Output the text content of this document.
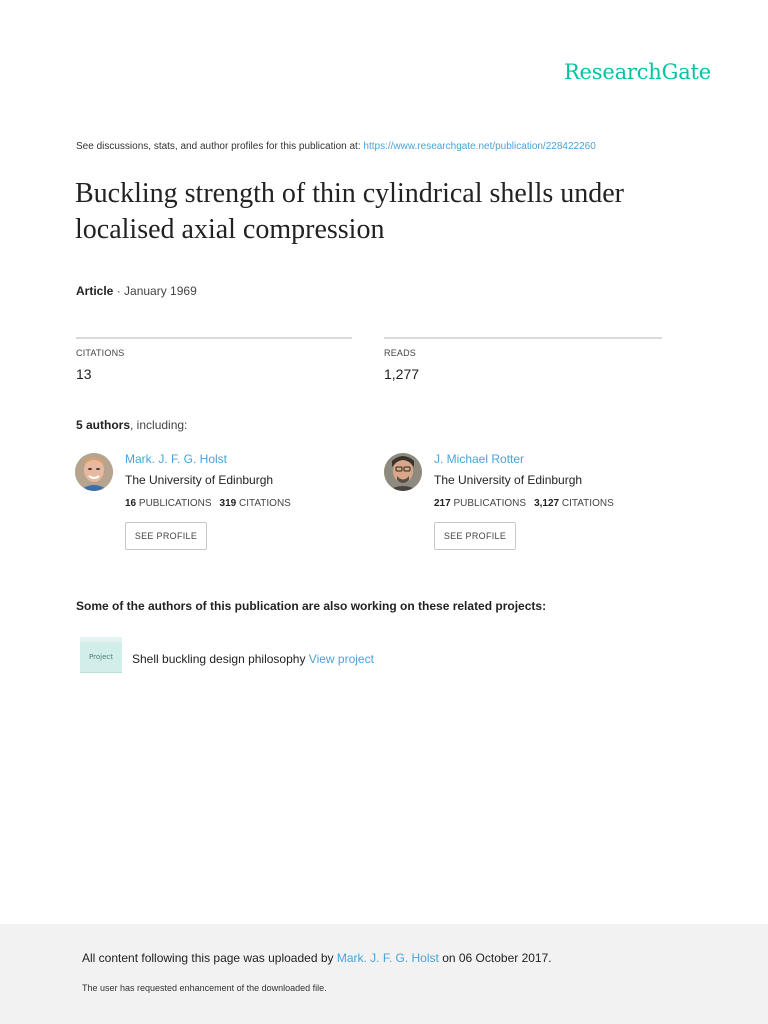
ResearchGate
See discussions, stats, and author profiles for this publication at: https://www.researchgate.net/publication/228422260
Buckling strength of thin cylindrical shells under localised axial compression
Article · January 1969
CITATIONS
13
READS
1,277
5 authors, including:
Mark. J. F. G. Holst
The University of Edinburgh
16 PUBLICATIONS 319 CITATIONS
SEE PROFILE
J. Michael Rotter
The University of Edinburgh
217 PUBLICATIONS 3,127 CITATIONS
SEE PROFILE
Some of the authors of this publication are also working on these related projects:
Project	Shell buckling design philosophy View project
All content following this page was uploaded by Mark. J. F. G. Holst on 06 October 2017.
The user has requested enhancement of the downloaded file.
